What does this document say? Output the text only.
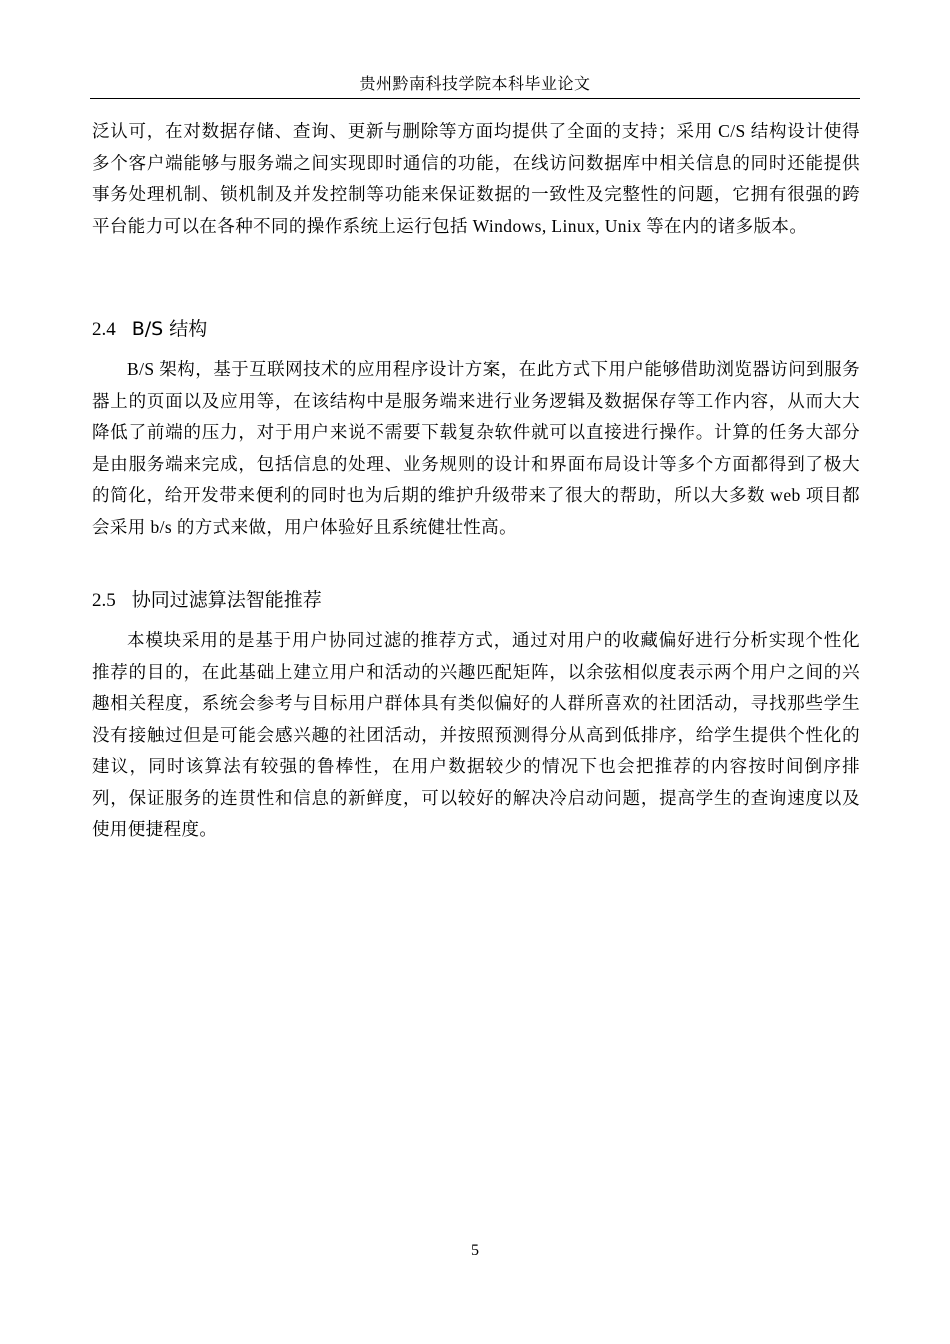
贵州黔南科技学院本科毕业论文

泛认可，在对数据存储、查询、更新与删除等方面均提供了全面的支持；采用 C/S 结构设计使得多个客户端能够与服务端之间实现即时通信的功能，在线访问数据库中相关信息的同时还能提供事务处理机制、锁机制及并发控制等功能来保证数据的一致性及完整性的问题，它拥有很强的跨平台能力可以在各种不同的操作系统上运行包括 Windows, Linux, Unix 等在内的诸多版本。

2.4 B/S 结构

B/S 架构，基于互联网技术的应用程序设计方案，在此方式下用户能够借助浏览器访问到服务器上的页面以及应用等，在该结构中是服务端来进行业务逻辑及数据保存等工作内容，从而大大降低了前端的压力，对于用户来说不需要下载复杂软件就可以直接进行操作。计算的任务大部分是由服务端来完成，包括信息的处理、业务规则的设计和界面布局设计等多个方面都得到了极大的简化，给开发带来便利的同时也为后期的维护升级带来了很大的帮助，所以大多数 web 项目都会采用 b/s 的方式来做，用户体验好且系统健壮性高。

2.5 协同过滤算法智能推荐

本模块采用的是基于用户协同过滤的推荐方式，通过对用户的收藏偏好进行分析实现个性化推荐的目的，在此基础上建立用户和活动的兴趣匹配矩阵，以余弦相似度表示两个用户之间的兴趣相关程度，系统会参考与目标用户群体具有类似偏好的人群所喜欢的社团活动，寻找那些学生没有接触过但是可能会感兴趣的社团活动，并按照预测得分从高到低排序，给学生提供个性化的建议，同时该算法有较强的鲁棒性，在用户数据较少的情况下也会把推荐的内容按时间倒序排列，保证服务的连贯性和信息的新鲜度，可以较好的解决冷启动问题，提高学生的查询速度以及使用便捷程度。

5
